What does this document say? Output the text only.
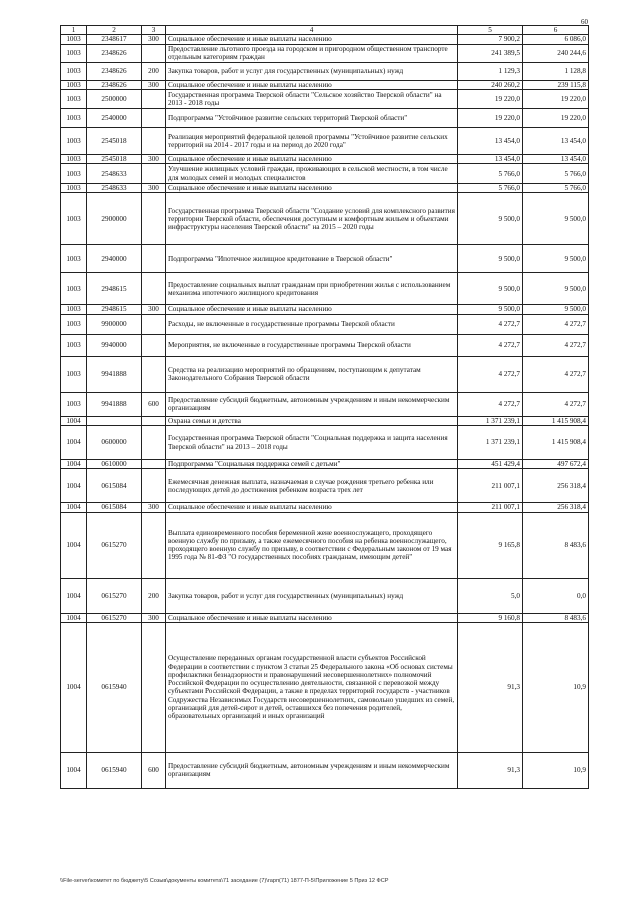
60
1	2	3	4	5	6
1003	2348617	300	Социальное обеспечение и иные выплаты населению	7 900,2	6 086,0
1003	2348626		Предоставление льготного проезда на городском и пригородном общественном транспорте отдельным категориям граждан	241 389,5	240 244,6
1003	2348626	200	Закупка товаров, работ и услуг для государственных (муниципальных) нужд	1 129,3	1 128,8
1003	2348626	300	Социальное обеспечение и иные выплаты населению	240 260,2	239 115,8
1003	2500000		Государственная программа Тверской области "Сельское хозяйство Тверской области" на 2013 - 2018 годы	19 220,0	19 220,0
1003	2540000		Подпрограмма "Устойчивое развитие сельских территорий Тверской области"	19 220,0	19 220,0
1003	2545018		Реализация мероприятий федеральной целевой программы "Устойчивое развитие сельских территорий на 2014 - 2017 годы и на период до 2020 года"	13 454,0	13 454,0
1003	2545018	300	Социальное обеспечение и иные выплаты населению	13 454,0	13 454,0
1003	2548633		Улучшение жилищных условий граждан, проживающих в сельской местности, в том числе для молодых семей и молодых специалистов	5 766,0	5 766,0
1003	2548633	300	Социальное обеспечение и иные выплаты населению	5 766,0	5 766,0
1003	2900000		Государственная программа Тверской области "Создание условий для комплексного развития территории Тверской области, обеспечения доступным и комфортным жильем и объектами инфраструктуры населения Тверской области" на 2015 – 2020 годы	9 500,0	9 500,0
1003	2940000		Подпрограмма "Ипотечное жилищное кредитование в Тверской области"	9 500,0	9 500,0
1003	2948615		Предоставление социальных выплат гражданам при приобретении жилья с использованием механизма ипотечного жилищного кредитования	9 500,0	9 500,0
1003	2948615	300	Социальное обеспечение и иные выплаты населению	9 500,0	9 500,0
1003	9900000		Расходы, не включенные в государственные программы Тверской области	4 272,7	4 272,7
1003	9940000		Мероприятия, не включенные в государственные программы Тверской области	4 272,7	4 272,7
1003	9941888		Средства на реализацию мероприятий по обращениям, поступающим к депутатам Законодательного Собрания Тверской области	4 272,7	4 272,7
1003	9941888	600	Предоставление субсидий бюджетным, автономным учреждениям и иным некоммерческим организациям	4 272,7	4 272,7
1004			Охрана семьи и детства	1 371 239,1	1 415 908,4
1004	0600000		Государственная программа Тверской области "Социальная поддержка и защита населения Тверской области" на 2013 – 2018 годы	1 371 239,1	1 415 908,4
1004	0610000		Подпрограмма "Социальная поддержка семей с детьми"	451 429,4	497 672,4
1004	0615084		Ежемесячная денежная выплата, назначаемая в случае рождения третьего ребенка или последующих детей до достижения ребенком возраста трех лет	211 007,1	256 318,4
1004	0615084	300	Социальное обеспечение и иные выплаты населению	211 007,1	256 318,4
1004	0615270		Выплата единовременного пособия беременной жене военнослужащего, проходящего военную службу по призыву, а также ежемесячного пособия на ребенка военнослужащего, проходящего военную службу по призыву, в соответствии с Федеральным законом от 19 мая 1995 года № 81-ФЗ "О государственных пособиях гражданам, имеющим детей"	9 165,8	8 483,6
1004	0615270	200	Закупка товаров, работ и услуг для государственных (муниципальных) нужд	5,0	0,0
1004	0615270	300	Социальное обеспечение и иные выплаты населению	9 160,8	8 483,6
1004	0615940		Осуществление переданных органам государственной власти субъектов Российской Федерации в соответствии с пунктом 3 статьи 25 Федерального закона «Об основах системы профилактики безнадзорности и правонарушений несовершеннолетних» полномочий Российской Федерации по осуществлению деятельности, связанной с перевозкой между субъектами Российской Федерации, а также в пределах территорий государств - участников Содружества Независимых Государств несовершеннолетних, самовольно ушедших из семей, организаций для детей-сирот и детей, оставшихся без попечения родителей, образовательных организаций и иных организаций	91,3	10,9
1004	0615940	600	Предоставление субсидий бюджетным, автономным учреждениям и иным некоммерческим организациям	91,3	10,9
\\File-server\комитет по бюджету\5 Созыв\документы комитета\71 заседание (7)\гарп(71) 1877-П-5\Приложение 5 Приз 12 ФСР
